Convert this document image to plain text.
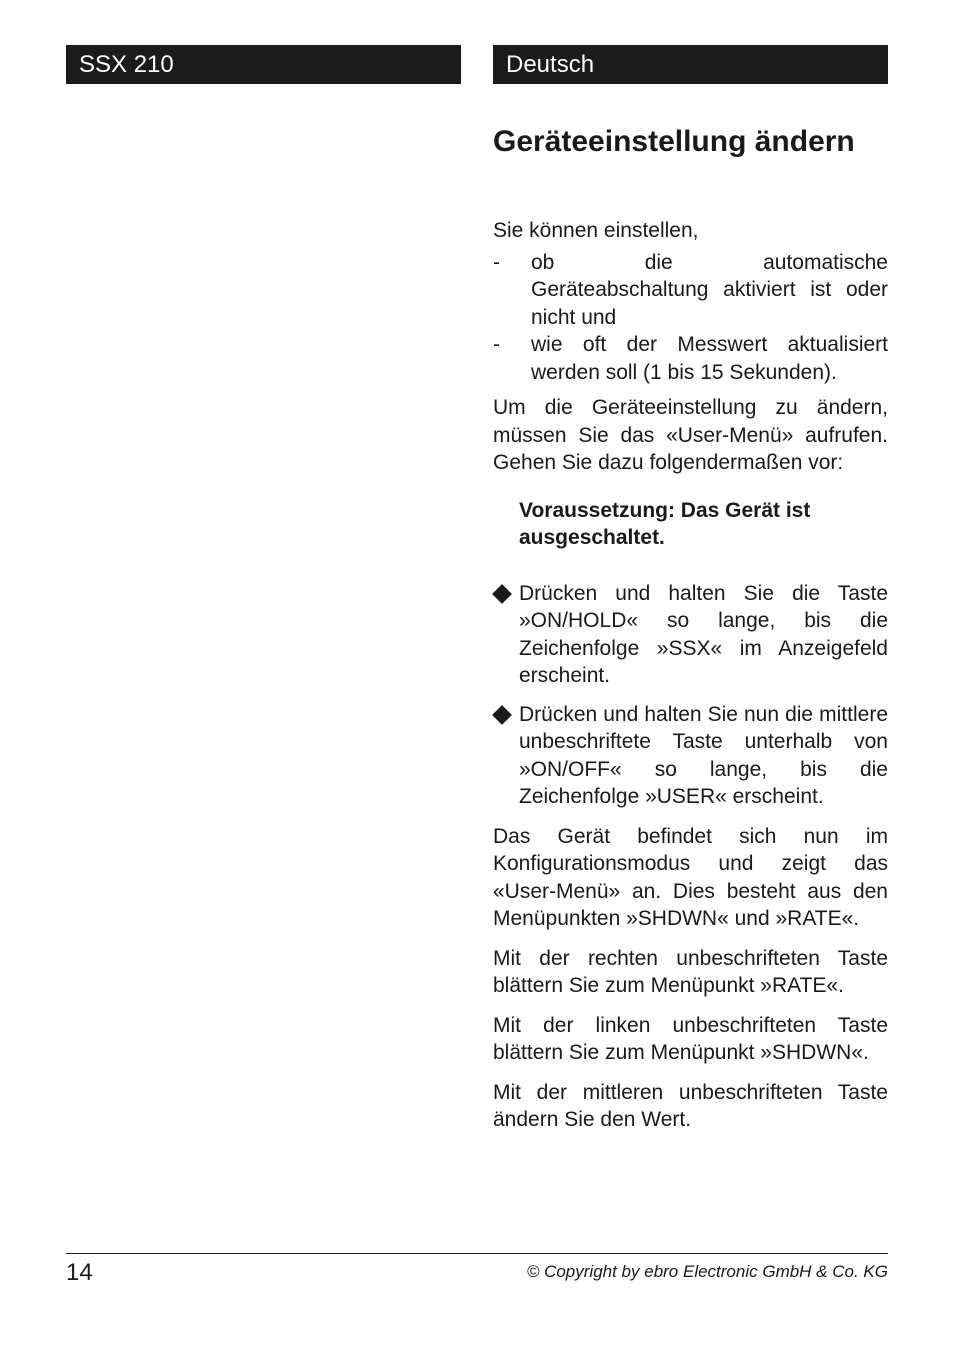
SSX 210	Deutsch
Geräteeinstellung ändern

Sie können einstellen,

- ob die automatische Geräteabschaltung aktiviert ist oder nicht und
- wie oft der Messwert aktualisiert werden soll (1 bis 15 Sekunden).

Um die Geräteeinstellung zu ändern, müssen Sie das «User-Menü» aufrufen. Gehen Sie dazu folgendermaßen vor:

Voraussetzung: Das Gerät ist ausgeschaltet.

Drücken und halten Sie die Taste »ON/HOLD« so lange, bis die Zeichenfolge »SSX« im Anzeigefeld erscheint.
Drücken und halten Sie nun die mittlere unbeschriftete Taste unterhalb von »ON/OFF« so lange, bis die Zeichenfolge »USER« erscheint.

Das Gerät befindet sich nun im Konfigurationsmodus und zeigt das «User-Menü» an. Dies besteht aus den Menüpunkten »SHDWN« und »RATE«.

Mit der rechten unbeschrifteten Taste blättern Sie zum Menüpunkt »RATE«.

Mit der linken unbeschrifteten Taste blättern Sie zum Menüpunkt »SHDWN«.

Mit der mittleren unbeschrifteten Taste ändern Sie den Wert.

14	© Copyright by ebro Electronic GmbH & Co. KG
